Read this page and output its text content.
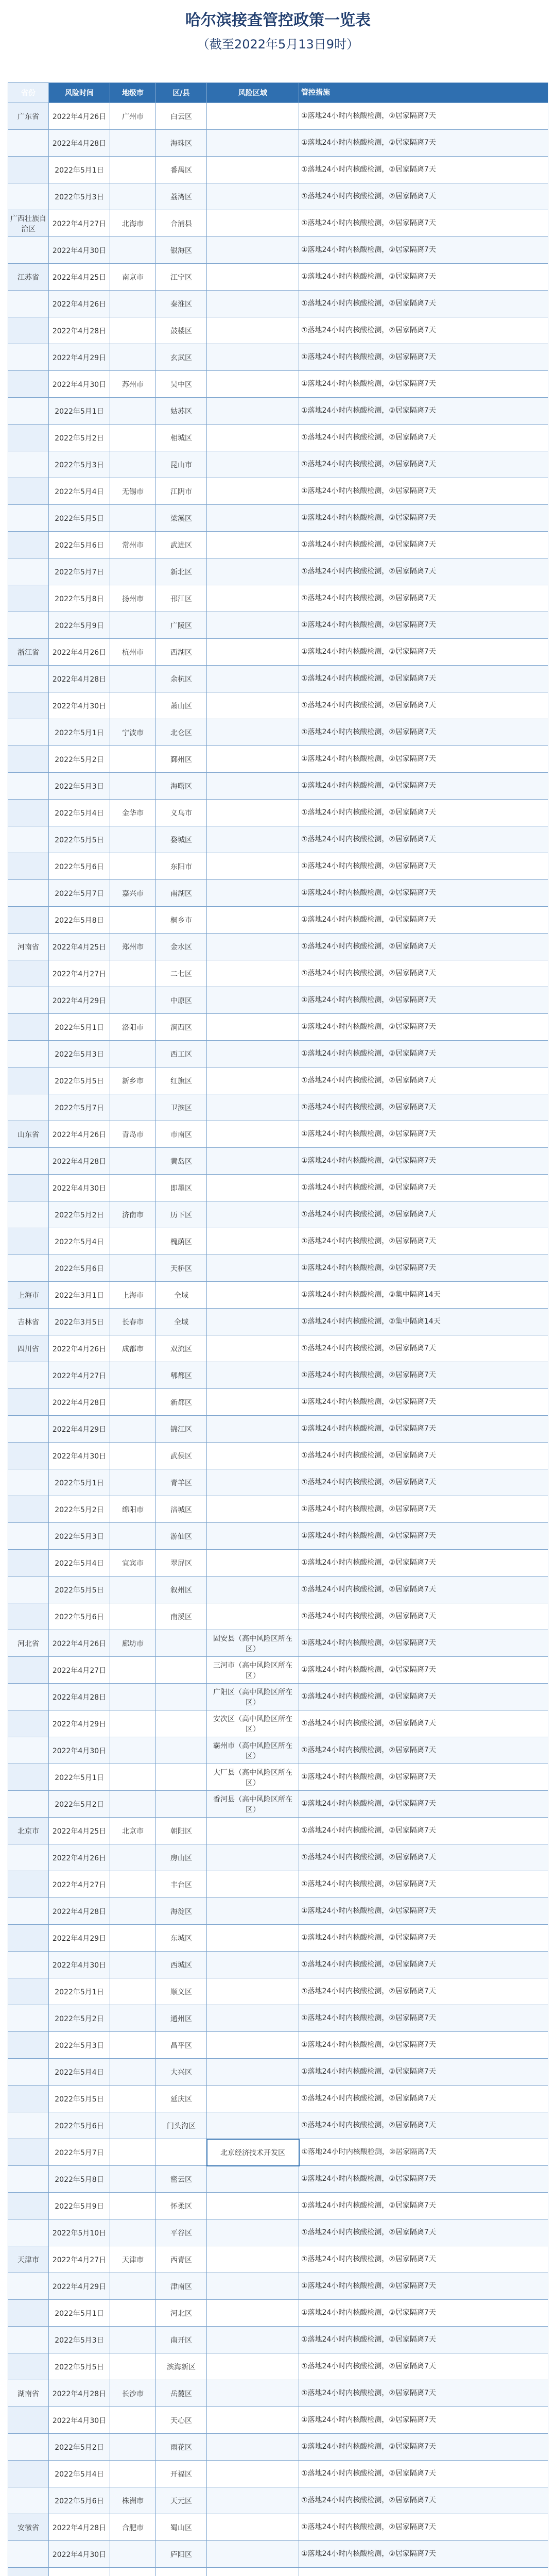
哈尔滨接查管控政策一览表
（截至2022年5月13日9时）
省份	风险时间	地级市	区/县	风险区域	管控措施
广东省	2022年4月26日	广州市	白云区		①落地24小时内核酸检测，②居家隔离7天
	2022年4月28日		海珠区		①落地24小时内核酸检测，②居家隔离7天
	2022年5月1日		番禺区		①落地24小时内核酸检测，②居家隔离7天
	2022年5月3日		荔湾区		①落地24小时内核酸检测，②居家隔离7天
广西壮族自治区	2022年4月27日	北海市	合浦县		①落地24小时内核酸检测，②居家隔离7天
	2022年4月30日		银海区		①落地24小时内核酸检测，②居家隔离7天
江苏省	2022年4月25日	南京市	江宁区		①落地24小时内核酸检测，②居家隔离7天
	2022年4月26日		秦淮区		①落地24小时内核酸检测，②居家隔离7天
	2022年4月28日		鼓楼区		①落地24小时内核酸检测，②居家隔离7天
	2022年4月29日		玄武区		①落地24小时内核酸检测，②居家隔离7天
	2022年4月30日	苏州市	吴中区		①落地24小时内核酸检测，②居家隔离7天
	2022年5月1日		姑苏区		①落地24小时内核酸检测，②居家隔离7天
	2022年5月2日		相城区		①落地24小时内核酸检测，②居家隔离7天
	2022年5月3日		昆山市		①落地24小时内核酸检测，②居家隔离7天
	2022年5月4日	无锡市	江阴市		①落地24小时内核酸检测，②居家隔离7天
	2022年5月5日		梁溪区		①落地24小时内核酸检测，②居家隔离7天
	2022年5月6日	常州市	武进区		①落地24小时内核酸检测，②居家隔离7天
	2022年5月7日		新北区		①落地24小时内核酸检测，②居家隔离7天
	2022年5月8日	扬州市	邗江区		①落地24小时内核酸检测，②居家隔离7天
	2022年5月9日		广陵区		①落地24小时内核酸检测，②居家隔离7天
浙江省	2022年4月26日	杭州市	西湖区		①落地24小时内核酸检测，②居家隔离7天
	2022年4月28日		余杭区		①落地24小时内核酸检测，②居家隔离7天
	2022年4月30日		萧山区		①落地24小时内核酸检测，②居家隔离7天
	2022年5月1日	宁波市	北仑区		①落地24小时内核酸检测，②居家隔离7天
	2022年5月2日		鄞州区		①落地24小时内核酸检测，②居家隔离7天
	2022年5月3日		海曙区		①落地24小时内核酸检测，②居家隔离7天
	2022年5月4日	金华市	义乌市		①落地24小时内核酸检测，②居家隔离7天
	2022年5月5日		婺城区		①落地24小时内核酸检测，②居家隔离7天
	2022年5月6日		东阳市		①落地24小时内核酸检测，②居家隔离7天
	2022年5月7日	嘉兴市	南湖区		①落地24小时内核酸检测，②居家隔离7天
	2022年5月8日		桐乡市		①落地24小时内核酸检测，②居家隔离7天
河南省	2022年4月25日	郑州市	金水区		①落地24小时内核酸检测，②居家隔离7天
	2022年4月27日		二七区		①落地24小时内核酸检测，②居家隔离7天
	2022年4月29日		中原区		①落地24小时内核酸检测，②居家隔离7天
	2022年5月1日	洛阳市	涧西区		①落地24小时内核酸检测，②居家隔离7天
	2022年5月3日		西工区		①落地24小时内核酸检测，②居家隔离7天
	2022年5月5日	新乡市	红旗区		①落地24小时内核酸检测，②居家隔离7天
	2022年5月7日		卫滨区		①落地24小时内核酸检测，②居家隔离7天
山东省	2022年4月26日	青岛市	市南区		①落地24小时内核酸检测，②居家隔离7天
	2022年4月28日		黄岛区		①落地24小时内核酸检测，②居家隔离7天
	2022年4月30日		即墨区		①落地24小时内核酸检测，②居家隔离7天
	2022年5月2日	济南市	历下区		①落地24小时内核酸检测，②居家隔离7天
	2022年5月4日		槐荫区		①落地24小时内核酸检测，②居家隔离7天
	2022年5月6日		天桥区		①落地24小时内核酸检测，②居家隔离7天
上海市	2022年3月1日	上海市	全域		①落地24小时内核酸检测，②集中隔离14天
吉林省	2022年3月5日	长春市	全域		①落地24小时内核酸检测，②集中隔离14天
四川省	2022年4月26日	成都市	双流区		①落地24小时内核酸检测，②居家隔离7天
	2022年4月27日		郫都区		①落地24小时内核酸检测，②居家隔离7天
	2022年4月28日		新都区		①落地24小时内核酸检测，②居家隔离7天
	2022年4月29日		锦江区		①落地24小时内核酸检测，②居家隔离7天
	2022年4月30日		武侯区		①落地24小时内核酸检测，②居家隔离7天
	2022年5月1日		青羊区		①落地24小时内核酸检测，②居家隔离7天
	2022年5月2日	绵阳市	涪城区		①落地24小时内核酸检测，②居家隔离7天
	2022年5月3日		游仙区		①落地24小时内核酸检测，②居家隔离7天
	2022年5月4日	宜宾市	翠屏区		①落地24小时内核酸检测，②居家隔离7天
	2022年5月5日		叙州区		①落地24小时内核酸检测，②居家隔离7天
	2022年5月6日		南溪区		①落地24小时内核酸检测，②居家隔离7天
河北省	2022年4月26日	廊坊市		固安县（高中风险区所在区）	①落地24小时内核酸检测，②居家隔离7天
	2022年4月27日			三河市（高中风险区所在区）	①落地24小时内核酸检测，②居家隔离7天
	2022年4月28日			广阳区（高中风险区所在区）	①落地24小时内核酸检测，②居家隔离7天
	2022年4月29日			安次区（高中风险区所在区）	①落地24小时内核酸检测，②居家隔离7天
	2022年4月30日			霸州市（高中风险区所在区）	①落地24小时内核酸检测，②居家隔离7天
	2022年5月1日			大厂县（高中风险区所在区）	①落地24小时内核酸检测，②居家隔离7天
	2022年5月2日			香河县（高中风险区所在区）	①落地24小时内核酸检测，②居家隔离7天
北京市	2022年4月25日	北京市	朝阳区		①落地24小时内核酸检测，②居家隔离7天
	2022年4月26日		房山区		①落地24小时内核酸检测，②居家隔离7天
	2022年4月27日		丰台区		①落地24小时内核酸检测，②居家隔离7天
	2022年4月28日		海淀区		①落地24小时内核酸检测，②居家隔离7天
	2022年4月29日		东城区		①落地24小时内核酸检测，②居家隔离7天
	2022年4月30日		西城区		①落地24小时内核酸检测，②居家隔离7天
	2022年5月1日		顺义区		①落地24小时内核酸检测，②居家隔离7天
	2022年5月2日		通州区		①落地24小时内核酸检测，②居家隔离7天
	2022年5月3日		昌平区		①落地24小时内核酸检测，②居家隔离7天
	2022年5月4日		大兴区		①落地24小时内核酸检测，②居家隔离7天
	2022年5月5日		延庆区		①落地24小时内核酸检测，②居家隔离7天
	2022年5月6日		门头沟区		①落地24小时内核酸检测，②居家隔离7天
	2022年5月7日			北京经济技术开发区	①落地24小时内核酸检测，②居家隔离7天
	2022年5月8日		密云区		①落地24小时内核酸检测，②居家隔离7天
	2022年5月9日		怀柔区		①落地24小时内核酸检测，②居家隔离7天
	2022年5月10日		平谷区		①落地24小时内核酸检测，②居家隔离7天
天津市	2022年4月27日	天津市	西青区		①落地24小时内核酸检测，②居家隔离7天
	2022年4月29日		津南区		①落地24小时内核酸检测，②居家隔离7天
	2022年5月1日		河北区		①落地24小时内核酸检测，②居家隔离7天
	2022年5月3日		南开区		①落地24小时内核酸检测，②居家隔离7天
	2022年5月5日		滨海新区		①落地24小时内核酸检测，②居家隔离7天
湖南省	2022年4月28日	长沙市	岳麓区		①落地24小时内核酸检测，②居家隔离7天
	2022年4月30日		天心区		①落地24小时内核酸检测，②居家隔离7天
	2022年5月2日		雨花区		①落地24小时内核酸检测，②居家隔离7天
	2022年5月4日		开福区		①落地24小时内核酸检测，②居家隔离7天
	2022年5月6日	株洲市	天元区		①落地24小时内核酸检测，②居家隔离7天
安徽省	2022年4月28日	合肥市	蜀山区		①落地24小时内核酸检测，②居家隔离7天
	2022年4月30日		庐阳区		①落地24小时内核酸检测，②居家隔离7天
